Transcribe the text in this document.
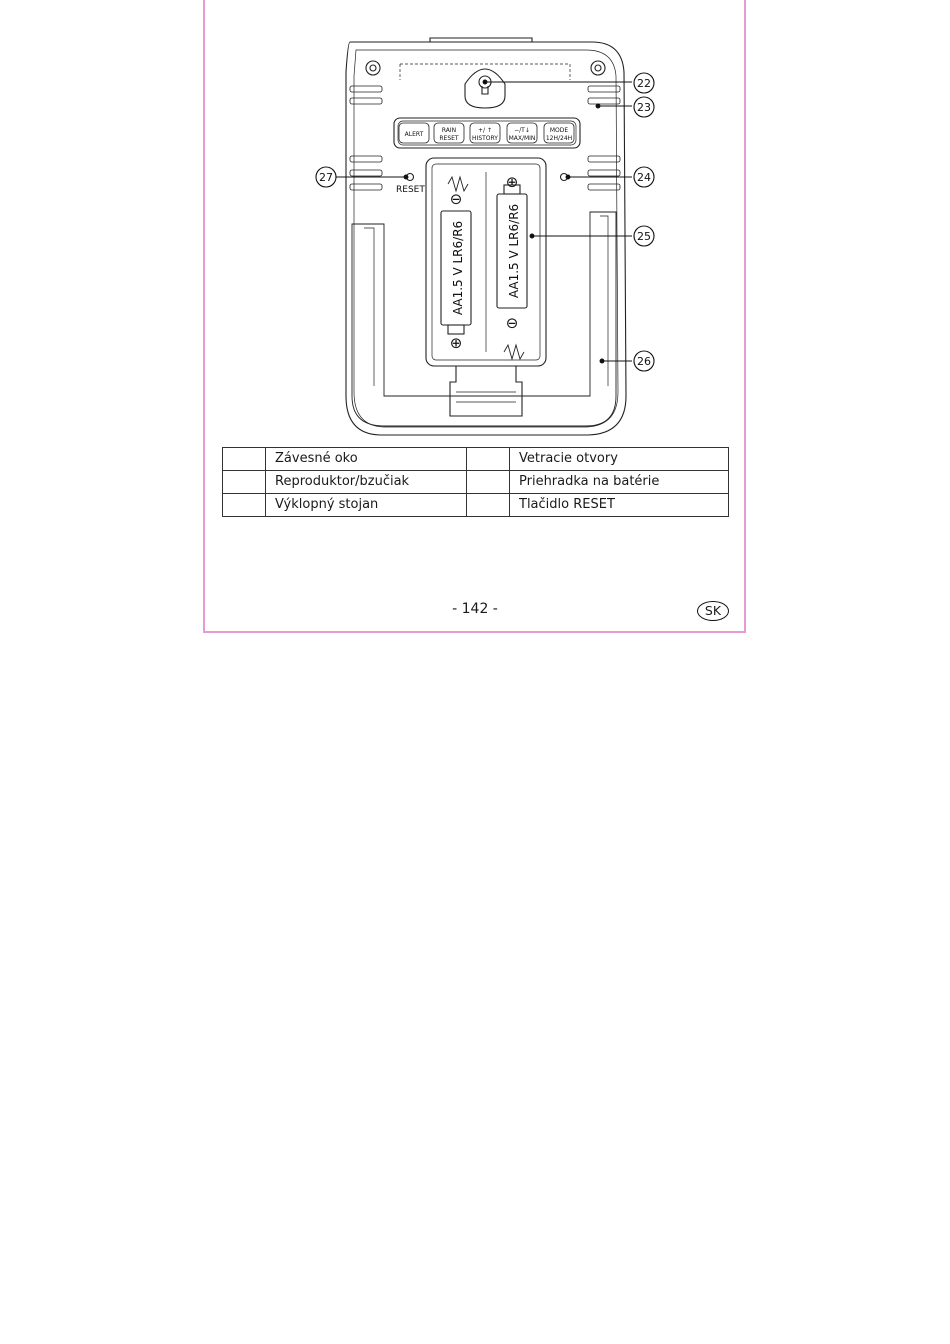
ALERT
RAIN
RESET
+/ ↑
HISTORY
−/T↓
MAX/MIN
MODE
12H/24H
RESET
AA1.5 V LR6/R6	AA1.5 V LR6/R6
⊖
⊕
⊕
⊖
22
23
24
25
26
27
	Závesné oko		Vetracie otvory
	Reproduktor/bzučiak		Priehradka na batérie
	Výklopný stojan		Tlačidlo RESET
- 142 -	SK
